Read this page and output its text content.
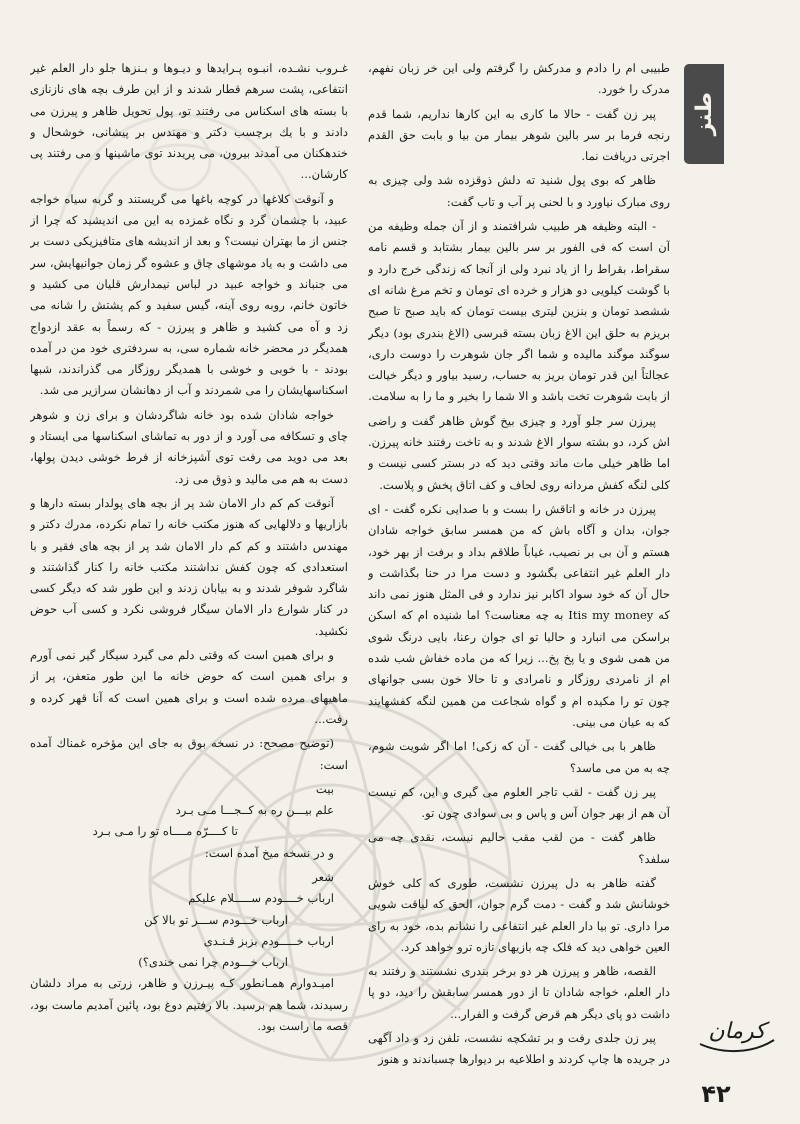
طبیبی ام را دادم و مدرکش را گرفتم ولی این خر زبان نفهم، مدرک را خورد.

پیر زن گفت - حالا ما کاری به این کارها نداریم، شما قدم رنجه فرما بر سر بالین شوهر بیمار من بیا و بابت حق القدم اجرتی دریافت نما.

ظاهر که بوی پول شنید ته دلش ذوقزده شد ولی چیزی به روی مبارک نیاورد و با لحنی پر آب و تاب گفت:

- البته وظیفه هر طبیب شرافتمند و از آن جمله وظیفه من آن است که فی الفور بر سر بالین بیمار بشتابد و قسم نامه سقراط، بقراط را از یاد نبرد ولی از آنجا که زندگی خرج دارد و با گوشت کیلویی دو هزار و خرده ای تومان و تخم مرغ شانه ای ششصد تومان و بنزین لیتری بیست تومان که باید صبح تا صبح بریزم به حلق این الاغ زبان بسته قبرسی (الاغ بندری بود) دیگر سوگند موگند مالیده و شما اگر جان شوهرت را دوست داری، عجالتاً این قدر تومان بریز به حساب، رسید بیاور و دیگر خیالت از بابت شوهرت تخت باشد و الا شما را بخیر و ما را به سلامت.

پیرزن سر جلو آورد و چیزی بیخ گوش ظاهر گفت و راضی اش کرد، دو بشته سوار الاغ شدند و به تاخت رفتند خانه پیرزن. اما ظاهر خیلی مات ماند وقتی دید که در بستر کسی نیست و کلی لنگه کفش مردانه روی لحاف و کف اتاق پخش و پلاست.

پیرزن در خانه و اتاقش را بست و با صدایی نکره گفت - ای جوان، بدان و آگاه باش که من همسر سابق خواجه شادان هستم و آن بی بر نصیب، غیاباً طلاقم بداد و برفت از بهر خود، دار العلم غیر انتفاعی بگشود و دست مرا در حنا بگذاشت و حال آن که خود سواد اکابر نیز ندارد و فی المثل هنوز نمی داند که Itis my money به چه معناست؟ اما شنیده ام که اسکن براسکن می انبارد و حالیا تو ای جوان رعنا، بایی درنگ شوی من همی شوی و یا پخ پخ... زیرا که من ماده خفاش شب شده ام از نامردی روزگار و نامرادی و تا حالا خون بسی جوانهای چون تو را مکیده ام و گواه شجاعت من همین لنگه کفشهایند که به عیان می بینی.

ظاهر با بی خیالی گفت - آن که زکی! اما اگر شویت شوم، چه به من می ماسد؟

پیر زن گفت - لقب تاجر العلوم می گیری و این، کم نیست آن هم از بهر جوان آس و پاس و بی سوادی چون تو.

ظاهر گفت - من لقب مقب حالیم نیست، نقدی چه می سلفد؟

گفته ظاهر به دل پیرزن نشست، طوری که کلی خوش خوشانش شد و گفت - دمت گرم جوان، الحق که لیاقت شویی مرا داری. تو بیا دار العلم غیر انتفاعی را نشانم بده، خود به رای العین خواهی دید که فلک چه بازیهای تازه ترو خواهد کرد.

القصه، ظاهر و پیرزن هر دو برخر بندری نشستند و رفتند به دار العلم، خواجه شادان تا از دور همسر سابقش را دید، دو پا داشت دو پای دیگر هم قرض گرفت و الفرار...

پیر زن جلدی رفت و بر تشکچه نشست، تلفن زد و داد آگهی در جریده ها چاپ کردند و اطلاعیه بر دیوارها چسباندند و هنوز

غـروب نشـده، انبـوه پـرایدها و دیـوها و بـنزها جلو دار العلم غیر انتفاعی، پشت سرهم قطار شدند و از این طرف بچه های نازنازی با بسته های اسکناس می رفتند تو، پول تحویل ظاهر و پیرزن می دادند و با یك برچسب دکتر و مهندس بر پیشانی، خوشحال و خندهکنان می آمدند بیرون، می پریدند توی ماشینها و می رفتند پی کارشان...

و آنوقت کلاغها در کوچه باغها می گریستند و گربه سیاه خواجه عبید، با چشمان گرد و نگاه غمزده به این می اندیشید که چرا از جنس از ما بهتران نیست؟ و بعد از اندیشه های متافیزیکی دست بر می داشت و به یاد موشهای چاق و عشوه گر زمان جوانیهایش، سر می جنباند و خواجه عبید در لباس نیمدارش قلیان می کشید و خاتون خانم، روبه روی آینه، گیس سفید و کم پشتش را شانه می زد و آه می کشید و ظاهر و پیرزن - که رسماً به عقد ازدواج همدیگر در محضر خانه شماره سی، به سردفتری خود من در آمده بودند - با خوبی و خوشی با همدیگر روزگار می گذراندند، شبها اسکناسهایشان را می شمردند و آب از دهانشان سرازیر می شد.

خواجه شادان شده بود خانه شاگردشان و برای زن و شوهر چای و تسکافه می آورد و از دور به تماشای اسکناسها می ایستاد و بعد می دوید می رفت توی آشپزخانه از فرط خوشی دیدن پولها، دست به هم می مالید و ذوق می زد.

آنوقت کم کم دار الامان شد پر از بچه های پولدار بسته دارها و بازاریها و دلالهایی که هنوز مکتب خانه را تمام نکرده، مدرك دکتر و مهندس داشتند و کم کم دار الامان شد پر از بچه های فقیر و با استعدادی که چون کفش نداشتند مکتب خانه را کنار گذاشتند و شاگرد شوفر شدند و به بیابان زدند و این طور شد که دیگر کسی در کنار شوارع دار الامان سیگار فروشی نکرد و کسی آب حوض نکشید.

و برای همین است که وقتی دلم می گیرد سیگار گیر نمی آورم و برای همین است که حوض خانه ما این طور متعفن، پر از ماهیهای مرده شده است و برای همین است که آنا قهر کرده و رفت...

(توضیح مصحح: در نسخه بوق به جای این مؤخره غمناك آمده است:

بیت
علم بیـــن ره به کــجـــا مـی بـرد
تا کــــرّه مــــاه تو را مـی بـرد

و در نسخه میخ آمده است:

شعر
ارباب خــــودم ســـــلام علیکم
ارباب خـــودم ســـر تو بالا کن
ارباب خـــــودم بزبز قـنـدی
ارباب خـــودم چرا نمی خندی؟)

امیـدوارم همـانطور کـه پیـرزن و ظاهر، زرتی به مراد دلشان رسیدند، شما هم برسید. بالا رفتیم دوغ بود، پائین آمدیم ماست بود، قصه ما راست بود.

طنز
کرمان
۴۲
